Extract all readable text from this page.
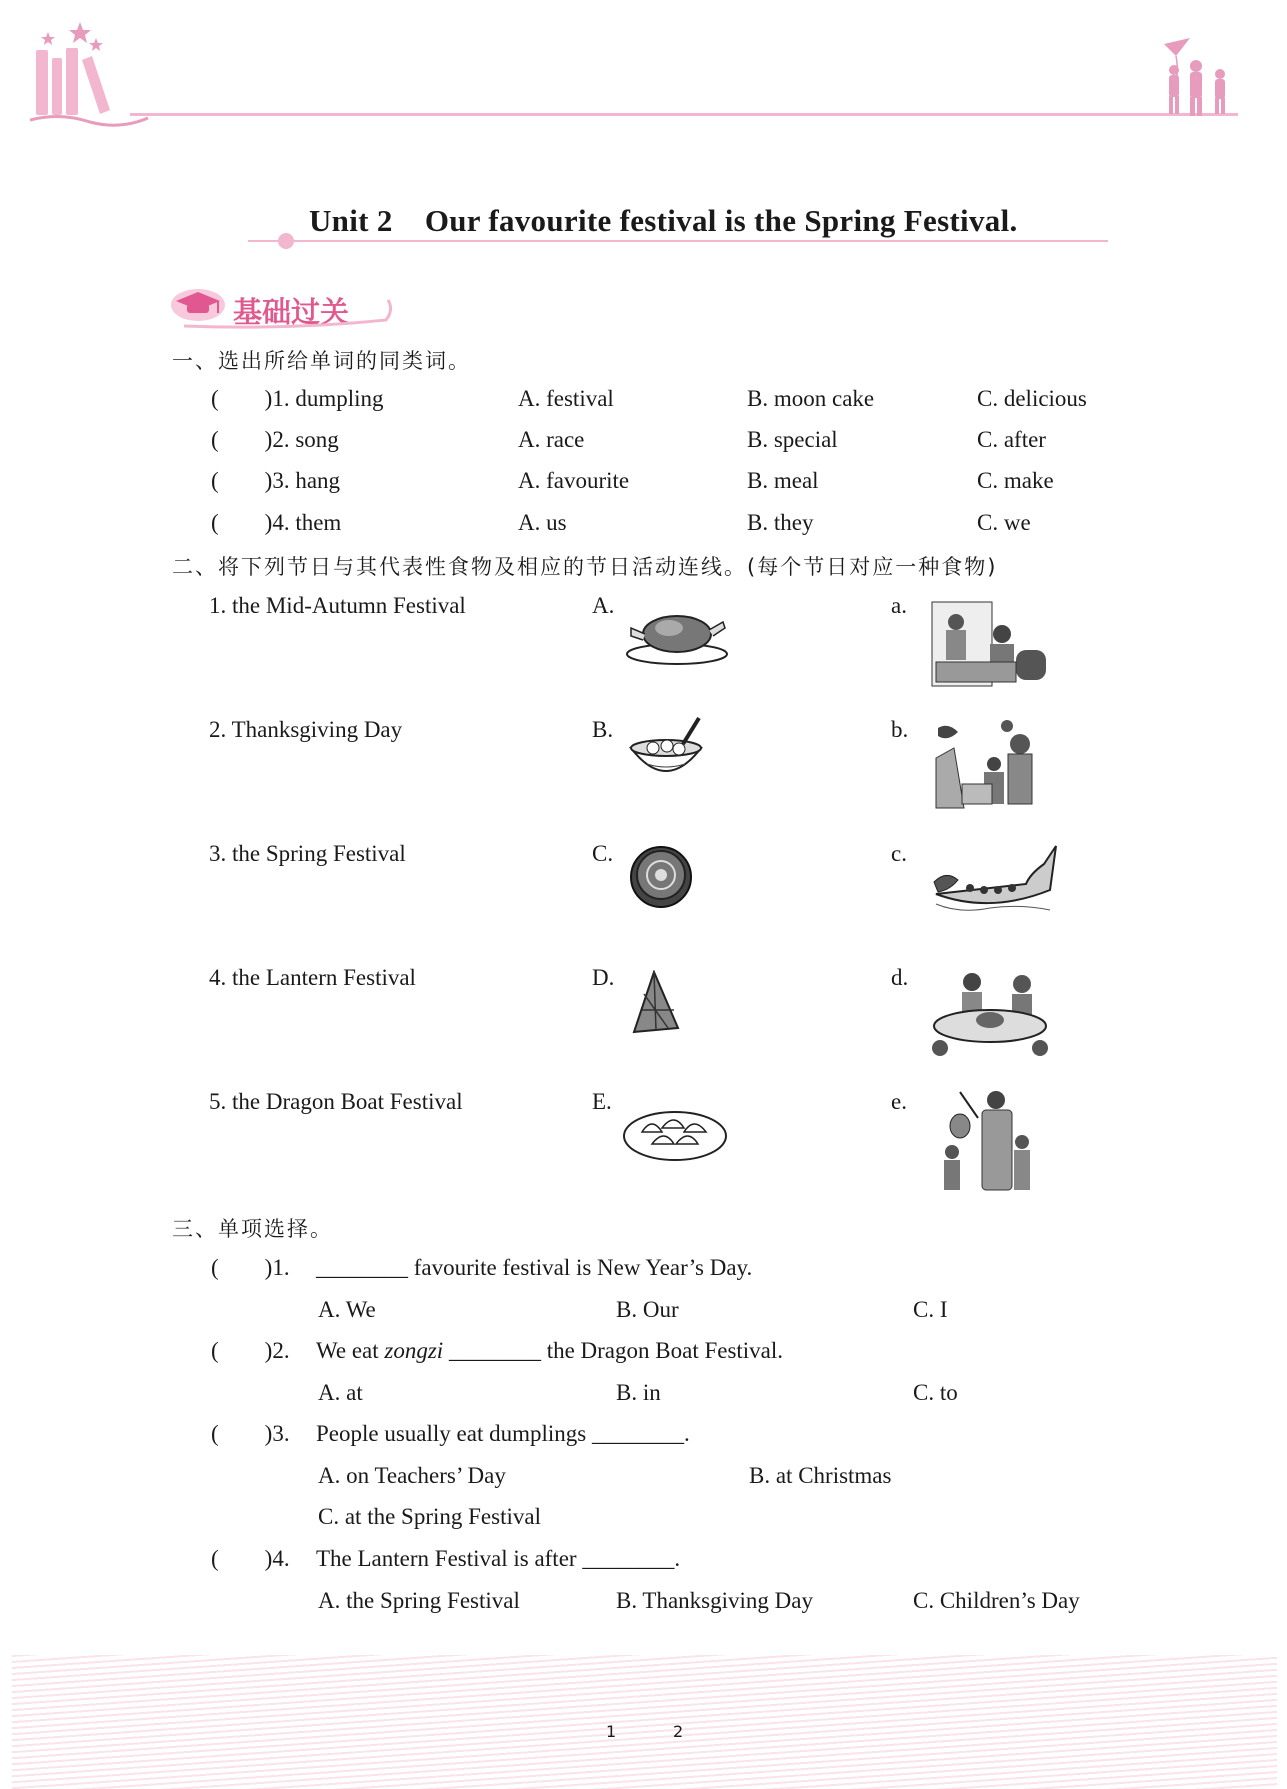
Unit 2    Our favourite festival is the Spring Festival.
基础过关
一、选出所给单词的同类词。
(        )1. dumpling	A. festival	B. moon cake	C. delicious
(        )2. song	A. race	B. special	C. after
(        )3. hang	A. favourite	B. meal	C. make
(        )4. them	A. us	B. they	C. we
二、将下列节日与其代表性食物及相应的节日活动连线。(每个节日对应一种食物)
1. the Mid-Autumn Festival	A.	a.
2. Thanksgiving Day	B.	b.
3. the Spring Festival	C.	c.
4. the Lantern Festival	D.	d.
5. the Dragon Boat Festival	E.	e.
三、单项选择。
(        )1. ________ favourite festival is New Year’s Day.
A. We	B. Our	C. I
(        )2. We eat zongzi ________ the Dragon Boat Festival.
A. at	B. in	C. to
(        )3. People usually eat dumplings ________.
A. on Teachers’ Day	B. at Christmas
C. at the Spring Festival
(        )4. The Lantern Festival is after ________.
A. the Spring Festival	B. Thanksgiving Day	C. Children’s Day
1	2
